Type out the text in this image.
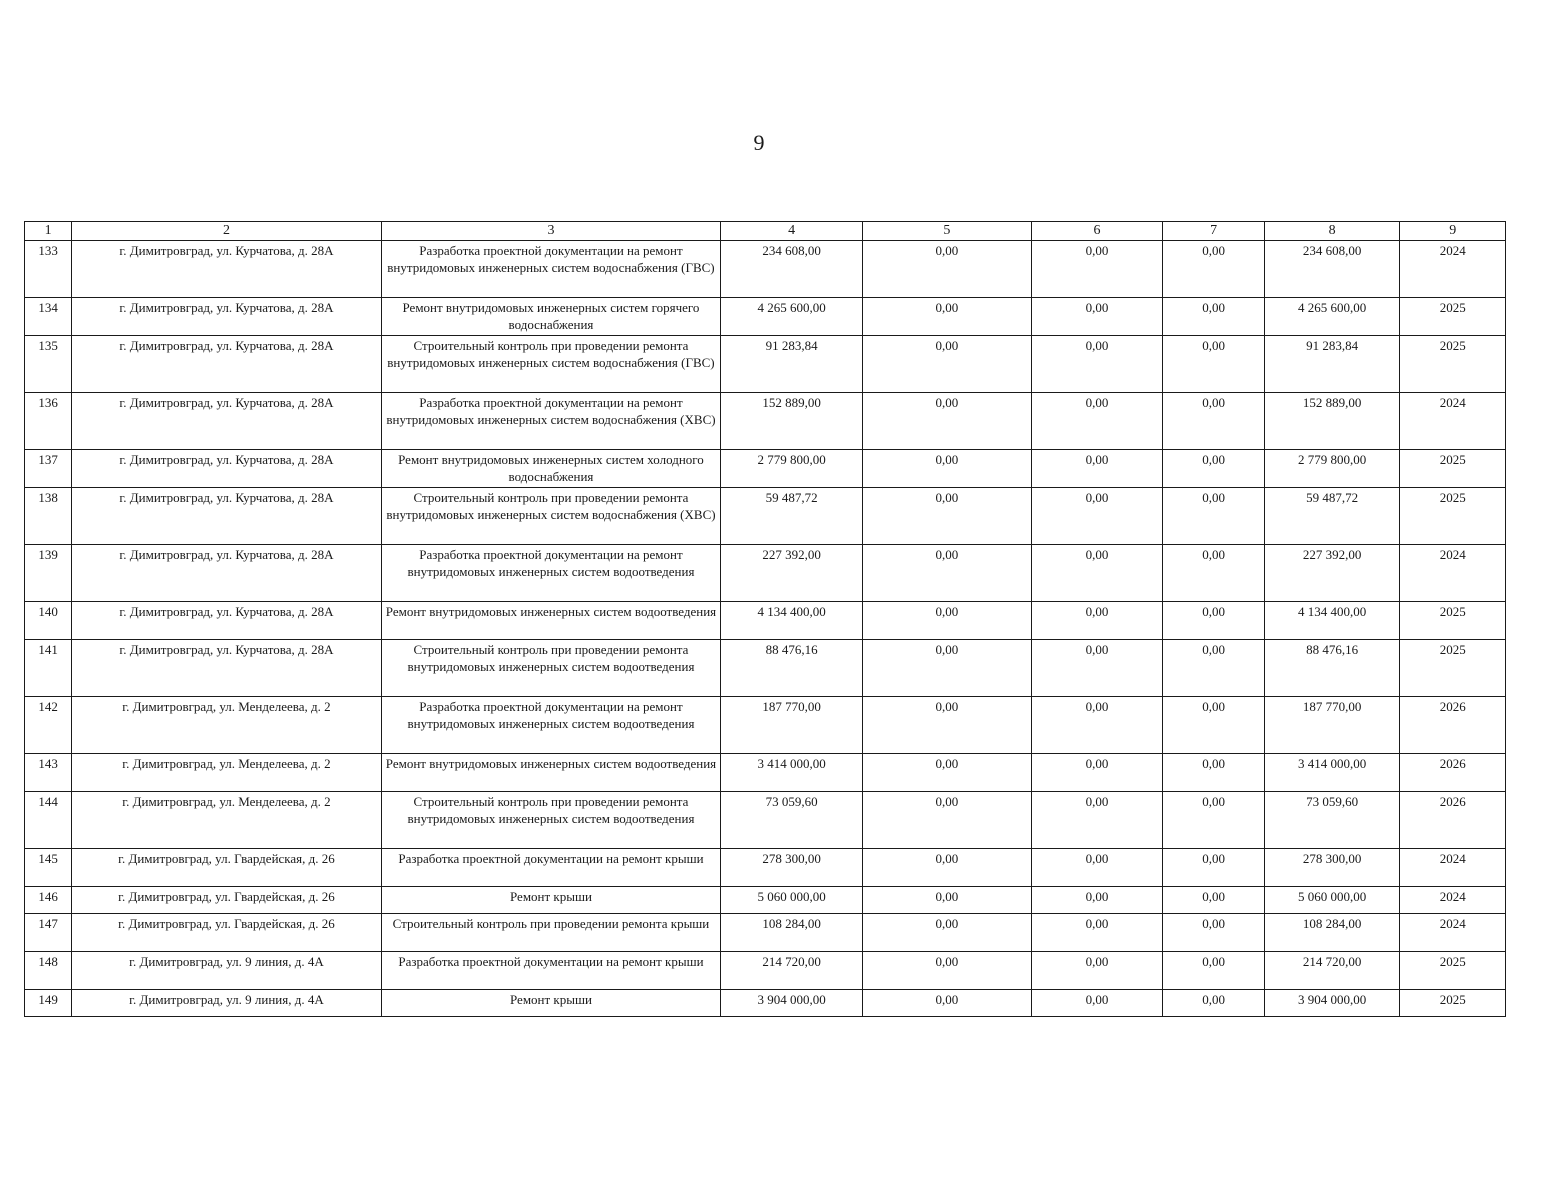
9
1	2	3	4	5	6	7	8	9
133	г. Димитровград, ул. Курчатова, д. 28А	Разработка проектной документации на ремонт внутридомовых инженерных систем водоснабжения (ГВС)	234 608,00	0,00	0,00	0,00	234 608,00	2024
134	г. Димитровград, ул. Курчатова, д. 28А	Ремонт внутридомовых инженерных систем горячего водоснабжения	4 265 600,00	0,00	0,00	0,00	4 265 600,00	2025
135	г. Димитровград, ул. Курчатова, д. 28А	Строительный контроль при проведении ремонта внутридомовых инженерных систем водоснабжения (ГВС)	91 283,84	0,00	0,00	0,00	91 283,84	2025
136	г. Димитровград, ул. Курчатова, д. 28А	Разработка проектной документации на ремонт внутридомовых инженерных систем водоснабжения (ХВС)	152 889,00	0,00	0,00	0,00	152 889,00	2024
137	г. Димитровград, ул. Курчатова, д. 28А	Ремонт внутридомовых инженерных систем холодного водоснабжения	2 779 800,00	0,00	0,00	0,00	2 779 800,00	2025
138	г. Димитровград, ул. Курчатова, д. 28А	Строительный контроль при проведении ремонта внутридомовых инженерных систем водоснабжения (ХВС)	59 487,72	0,00	0,00	0,00	59 487,72	2025
139	г. Димитровград, ул. Курчатова, д. 28А	Разработка проектной документации на ремонт внутридомовых инженерных систем водоотведения	227 392,00	0,00	0,00	0,00	227 392,00	2024
140	г. Димитровград, ул. Курчатова, д. 28А	Ремонт внутридомовых инженерных систем водоотведения	4 134 400,00	0,00	0,00	0,00	4 134 400,00	2025
141	г. Димитровград, ул. Курчатова, д. 28А	Строительный контроль при проведении ремонта внутридомовых инженерных систем водоотведения	88 476,16	0,00	0,00	0,00	88 476,16	2025
142	г. Димитровград, ул. Менделеева, д. 2	Разработка проектной документации на ремонт внутридомовых инженерных систем водоотведения	187 770,00	0,00	0,00	0,00	187 770,00	2026
143	г. Димитровград, ул. Менделеева, д. 2	Ремонт внутридомовых инженерных систем водоотведения	3 414 000,00	0,00	0,00	0,00	3 414 000,00	2026
144	г. Димитровград, ул. Менделеева, д. 2	Строительный контроль при проведении ремонта внутридомовых инженерных систем водоотведения	73 059,60	0,00	0,00	0,00	73 059,60	2026
145	г. Димитровград, ул. Гвардейская, д. 26	Разработка проектной документации на ремонт крыши	278 300,00	0,00	0,00	0,00	278 300,00	2024
146	г. Димитровград, ул. Гвардейская, д. 26	Ремонт крыши	5 060 000,00	0,00	0,00	0,00	5 060 000,00	2024
147	г. Димитровград, ул. Гвардейская, д. 26	Строительный контроль при проведении ремонта крыши	108 284,00	0,00	0,00	0,00	108 284,00	2024
148	г. Димитровград, ул. 9 линия, д. 4А	Разработка проектной документации на ремонт крыши	214 720,00	0,00	0,00	0,00	214 720,00	2025
149	г. Димитровград, ул. 9 линия, д. 4А	Ремонт крыши	3 904 000,00	0,00	0,00	0,00	3 904 000,00	2025
